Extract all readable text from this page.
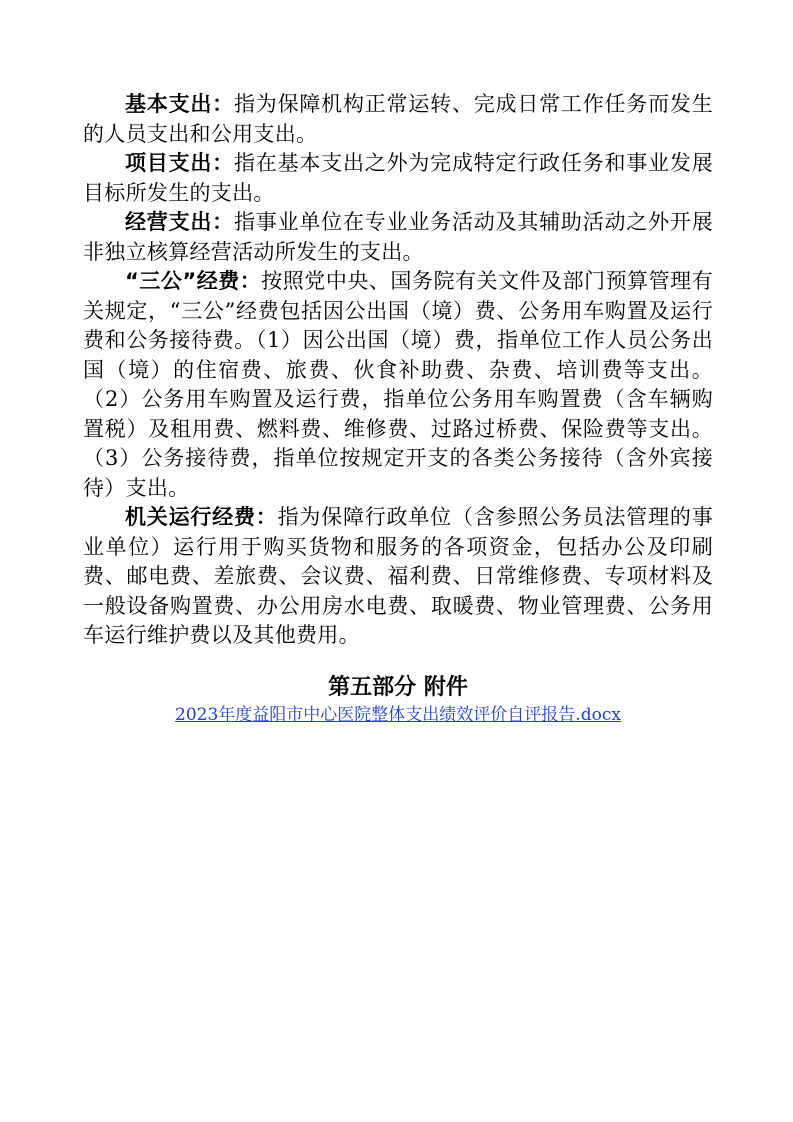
基本支出：指为保障机构正常运转、完成日常工作任务而发生的人员支出和公用支出。

项目支出：指在基本支出之外为完成特定行政任务和事业发展目标所发生的支出。

经营支出：指事业单位在专业业务活动及其辅助活动之外开展非独立核算经营活动所发生的支出。

“三公”经费：按照党中央、国务院有关文件及部门预算管理有关规定，“三公”经费包括因公出国（境）费、公务用车购置及运行费和公务接待费。（1）因公出国（境）费，指单位工作人员公务出国（境）的住宿费、旅费、伙食补助费、杂费、培训费等支出。（2）公务用车购置及运行费，指单位公务用车购置费（含车辆购置税）及租用费、燃料费、维修费、过路过桥费、保险费等支出。（3）公务接待费，指单位按规定开支的各类公务接待（含外宾接待）支出。

机关运行经费：指为保障行政单位（含参照公务员法管理的事业单位）运行用于购买货物和服务的各项资金，包括办公及印刷费、邮电费、差旅费、会议费、福利费、日常维修费、专项材料及一般设备购置费、办公用房水电费、取暖费、物业管理费、公务用车运行维护费以及其他费用。

第五部分 附件

2023年度益阳市中心医院整体支出绩效评价自评报告.docx
